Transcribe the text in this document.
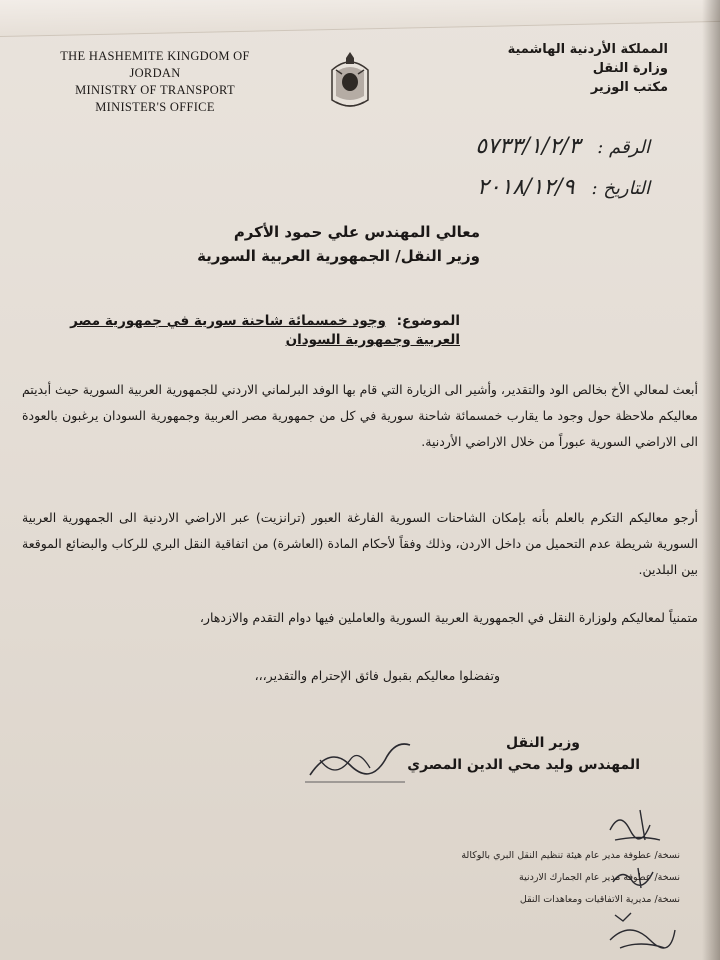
THE HASHEMITE KINGDOM OF JORDAN
MINISTRY OF TRANSPORT
MINISTER'S OFFICE
المملكة الأردنية الهاشمية
وزارة النقل
مكتب الوزير
الرقم : ٥٧٣٣/١/٢/٣
التاريخ : ٢٠١٨/١٢/٩
معالي المهندس علي حمود الأكرم
وزير النقل/ الجمهورية العربية السورية
الموضوع: وجود خمسمائة شاحنة سورية في جمهورية مصر العربية وجمهورية السودان
أبعث لمعالي الأخ بخالص الود والتقدير، وأشير الى الزيارة التي قام بها الوفد البرلماني الاردني للجمهورية العربية السورية حيث أبديتم معاليكم ملاحظة حول وجود ما يقارب خمسمائة شاحنة سورية في كل من جمهورية مصر العربية وجمهورية السودان يرغبون بالعودة الى الاراضي السورية عبوراً من خلال الاراضي الأردنية.
أرجو معاليكم التكرم بالعلم بأنه بإمكان الشاحنات السورية الفارغة العبور (ترانزيت) عبر الاراضي الاردنية الى الجمهورية العربية السورية شريطة عدم التحميل من داخل الاردن، وذلك وفقاً لأحكام المادة (العاشرة) من اتفاقية النقل البري للركاب والبضائع الموقعة بين البلدين.
متمنياً لمعاليكم ولوزارة النقل في الجمهورية العربية السورية والعاملين فيها دوام التقدم والازدهار،
وتفضلوا معاليكم بقبول فائق الإحترام والتقدير،،،
وزير النقل
المهندس وليد محي الدين المصري
نسخة/ عطوفة مدير عام هيئة تنظيم النقل البري بالوكالة
نسخة/ عطوفة مدير عام الجمارك الاردنية
نسخة/ مديرية الاتفاقيات ومعاهدات النقل
